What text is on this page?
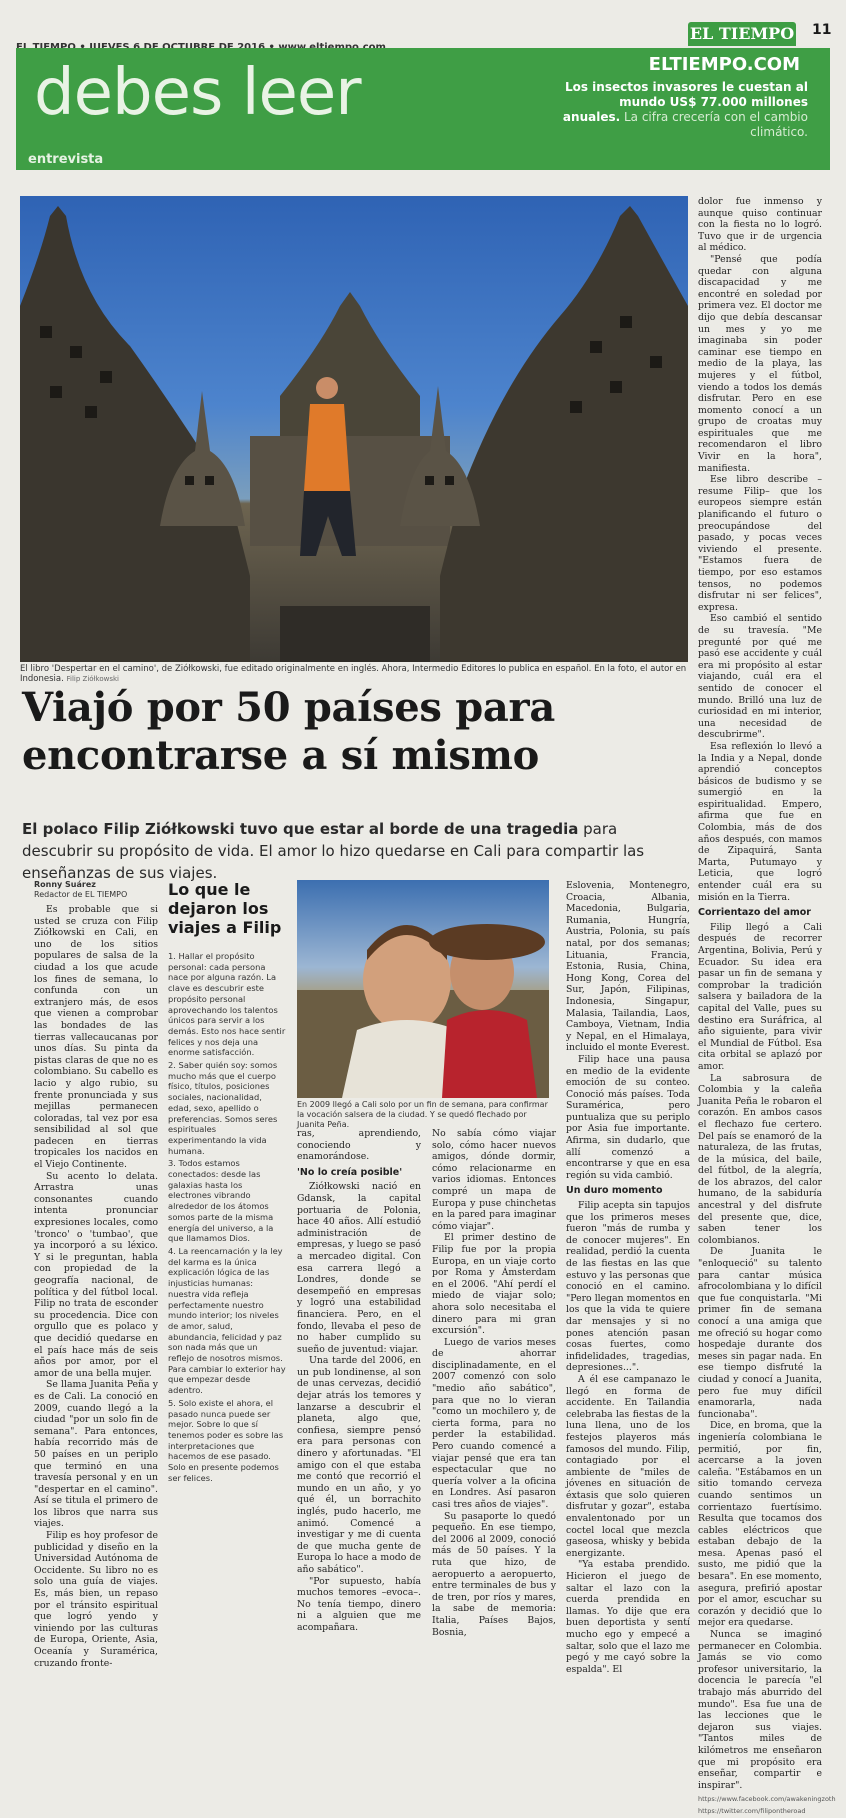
EL TIEMPO 11
debes leer
entrevista
ELTIEMPO.COM
Los insectos invasores le cuestan al mundo US$ 77.000 millones anuales. La cifra crecería con el cambio climático.
El libro 'Despertar en el camino', de Ziółkowski, fue editado originalmente en inglés. Ahora, Intermedio Editores lo publica en español. En la foto, el autor en Indonesia. Filip Ziółkowski
Viajó por 50 países para encontrarse a sí mismo
El polaco Filip Ziółkowski tuvo que estar al borde de una tragedia para descubrir su propósito de vida. El amor lo hizo quedarse en Cali para compartir las enseñanzas de sus viajes.
Ronny Suárez
Redactor de EL TIEMPO

Es probable que si usted se cruza con Filip Ziółkowski en Cali, en uno de los sitios populares de salsa de la ciudad a los que acude los fines de semana, lo confunda con un extranjero más, de esos que vienen a comprobar las bondades de las tierras vallecaucanas por unos días. Su pinta da pistas claras de que no es colombiano. Su cabello es lacio y algo rubio, su frente pronunciada y sus mejillas permanecen coloradas, tal vez por esa sensibilidad al sol que padecen en tierras tropicales los nacidos en el Viejo Continente.

Su acento lo delata. Arrastra unas consonantes cuando intenta pronunciar expresiones locales, como 'tronco' o 'tumbao', que ya incorporó a su léxico. Y si le preguntan, habla con propiedad de la geografía nacional, de política y del fútbol local. Filip no trata de esconder su procedencia. Dice con orgullo que es polaco y que decidió quedarse en el país hace más de seis años por amor, por el amor de una bella mujer.

Se llama Juanita Peña y es de Cali. La conoció en 2009, cuando llegó a la ciudad "por un solo fin de semana". Para entonces, había recorrido más de 50 países en un periplo que terminó en una travesía personal y en un "despertar en el camino". Así se titula el primero de los libros que narra sus viajes.

Filip es hoy profesor de publicidad y diseño en la Universidad Autónoma de Occidente. Su libro no es solo una guía de viajes. Es, más bien, un repaso por el tránsito espiritual que logró yendo y viniendo por las culturas de Europa, Oriente, Asia, Oceanía y Suramérica, cruzando fronte-

Lo que le dejaron los viajes a Filip

1. Hallar el propósito personal: cada persona nace por alguna razón. La clave es descubrir este propósito personal aprovechando los talentos únicos para servir a los demás. Esto nos hace sentir felices y nos deja una enorme satisfacción.

2. Saber quién soy: somos mucho más que el cuerpo físico, títulos, posiciones sociales, nacionalidad, edad, sexo, apellido o preferencias. Somos seres espirituales experimentando la vida humana.

3. Todos estamos conectados: desde las galaxias hasta los electrones vibrando alrededor de los átomos somos parte de la misma energía del universo, a la que llamamos Dios.

4. La reencarnación y la ley del karma es la única explicación lógica de las injusticias humanas: nuestra vida refleja perfectamente nuestro mundo interior; los niveles de amor, salud, abundancia, felicidad y paz son nada más que un reflejo de nosotros mismos. Para cambiar lo exterior hay que empezar desde adentro.

5. Solo existe el ahora, el pasado nunca puede ser mejor. Sobre lo que sí tenemos poder es sobre las interpretaciones que hacemos de ese pasado. Solo en presente podemos ser felices.

En 2009 llegó a Cali solo por un fin de semana, para confirmar la vocación salsera de la ciudad. Y se quedó flechado por Juanita Peña.

ras, aprendiendo, conociendo y enamorándose.

'No lo creía posible'

Ziółkowski nació en Gdansk, la capital portuaria de Polonia, hace 40 años. Allí estudió administración de empresas, y luego se pasó a mercadeo digital. Con esa carrera llegó a Londres, donde se desempeñó en empresas y logró una estabilidad financiera. Pero, en el fondo, llevaba el peso de no haber cumplido su sueño de juventud: viajar.

Una tarde del 2006, en un pub londinense, al son de unas cervezas, decidió dejar atrás los temores y lanzarse a descubrir el planeta, algo que, confiesa, siempre pensó era para personas con dinero y afortunadas. "El amigo con el que estaba me contó que recorrió el mundo en un año, y yo qué él, un borrachito inglés, pudo hacerlo, me animó. Comencé a investigar y me di cuenta de que mucha gente de Europa lo hace a modo de año sabático".

"Por supuesto, había muchos temores –evoca–. No tenía tiempo, dinero ni a alguien que me acompañara.

No sabía cómo viajar solo, cómo hacer nuevos amigos, dónde dormir, cómo relacionarme en varios idiomas. Entonces compré un mapa de Europa y puse chinchetas en la pared para imaginar cómo viajar".

El primer destino de Filip fue por la propia Europa, en un viaje corto por Roma y Ámsterdam en el 2006. "Ahí perdí el miedo de viajar solo; ahora solo necesitaba el dinero para mi gran excursión".

Luego de varios meses de ahorrar disciplinadamente, en el 2007 comenzó con solo "medio año sabático", para que no lo vieran "como un mochilero y, de cierta forma, para no perder la estabilidad. Pero cuando comencé a viajar pensé que era tan espectacular que no quería volver a la oficina en Londres. Así pasaron casi tres años de viajes".

Su pasaporte lo quedó pequeño. En ese tiempo, del 2006 al 2009, conoció más de 50 países. Y la ruta que hizo, de aeropuerto a aeropuerto, entre terminales de bus y de tren, por ríos y mares, la sabe de memoria: Italia, Países Bajos, Bosnia,

Eslovenia, Montenegro, Croacia, Albania, Macedonia, Bulgaria, Rumania, Hungría, Austria, Polonia, su país natal, por dos semanas; Lituania, Francia, Estonia, Rusia, China, Hong Kong, Corea del Sur, Japón, Filipinas, Indonesia, Singapur, Malasia, Tailandia, Laos, Camboya, Vietnam, India y Nepal, en el Himalaya, incluido el monte Everest.

Filip hace una pausa en medio de la evidente emoción de su conteo. Conoció más países. Toda Suramérica, pero puntualiza que su periplo por Asia fue importante. Afirma, sin dudarlo, que allí comenzó a encontrarse y que en esa región su vida cambió.

Un duro momento

Filip acepta sin tapujos que los primeros meses fueron "más de rumba y de conocer mujeres". En realidad, perdió la cuenta de las fiestas en las que estuvo y las personas que conoció en el camino. "Pero llegan momentos en los que la vida te quiere dar mensajes y si no pones atención pasan cosas fuertes, como infidelidades, tragedias, depresiones...".

A él ese campanazo le llegó en forma de accidente. En Tailandia celebraba las fiestas de la luna llena, uno de los festejos playeros más famosos del mundo. Filip, contagiado por el ambiente de "miles de jóvenes en situación de éxtasis que solo quieren disfrutar y gozar", estaba envalentonado por un coctel local que mezcla gaseosa, whisky y bebida energizante.

"Ya estaba prendido. Hicieron el juego de saltar el lazo con la cuerda prendida en llamas. Yo dije que era buen deportista y sentí mucho ego y empecé a saltar, solo que el lazo me pegó y me cayó sobre la espalda". El

dolor fue inmenso y aunque quiso continuar con la fiesta no lo logró. Tuvo que ir de urgencia al médico.

"Pensé que podía quedar con alguna discapacidad y me encontré en soledad por primera vez. El doctor me dijo que debía descansar un mes y yo me imaginaba sin poder caminar ese tiempo en medio de la playa, las mujeres y el fútbol, viendo a todos los demás disfrutar. Pero en ese momento conocí a un grupo de croatas muy espirituales que me recomendaron el libro Vivir en la hora", manifiesta.

Ese libro describe –resume Filip– que los europeos siempre están planificando el futuro o preocupándose del pasado, y pocas veces viviendo el presente. "Estamos fuera de tiempo, por eso estamos tensos, no podemos disfrutar ni ser felices", expresa.

Eso cambió el sentido de su travesía. "Me pregunté por qué me pasó ese accidente y cuál era mi propósito al estar viajando, cuál era el sentido de conocer el mundo. Brilló una luz de curiosidad en mi interior, una necesidad de descubrirme".

Esa reflexión lo llevó a la India y a Nepal, donde aprendió conceptos básicos de budismo y se sumergió en la espiritualidad. Empero, afirma que fue en Colombia, más de dos años después, con mamos de Zipaquirá, Santa Marta, Putumayo y Leticia, que logró entender cuál era su misión en la Tierra.

Corrientazo del amor

Filip llegó a Cali después de recorrer Argentina, Bolivia, Perú y Ecuador. Su idea era pasar un fin de semana y comprobar la tradición salsera y bailadora de la capital del Valle, pues su destino era Suráfrica, al año siguiente, para vivir el Mundial de Fútbol. Esa cita orbital se aplazó por amor.

La sabrosura de Colombia y la caleña Juanita Peña le robaron el corazón. En ambos casos el flechazo fue certero. Del país se enamoró de la naturaleza, de las frutas, de la música, del baile, del fútbol, de la alegría, de los abrazos, del calor humano, de la sabiduría ancestral y del disfrute del presente que, dice, saben tener los colombianos.

De Juanita le "enloqueció" su talento para cantar música afrocolombiana y lo difícil que fue conquistarla. "Mi primer fin de semana conocí a una amiga que me ofreció su hogar como hospedaje durante dos meses sin pagar nada. En ese tiempo disfruté la ciudad y conocí a Juanita, pero fue muy difícil enamorarla, nada funcionaba".

Dice, en broma, que la ingeniería colombiana le permitió, por fin, acercarse a la joven caleña. "Estábamos en un sitio tomando cerveza cuando sentimos un corrientazo fuertísimo. Resulta que tocamos dos cables eléctricos que estaban debajo de la mesa. Apenas pasó el susto, me pidió que la besara". En ese momento, asegura, prefirió apostar por el amor, escuchar su corazón y decidió que lo mejor era quedarse.

Nunca se imaginó permanecer en Colombia. Jamás se vio como profesor universitario, la docencia le parecía "el trabajo más aburrido del mundo". Esa fue una de las lecciones que le dejaron sus viajes. "Tantos miles de kilómetros me enseñaron que mi propósito era enseñar, compartir e inspirar".

https://www.facebook.com/awakeningzoth
https://twitter.com/filipontheroad
